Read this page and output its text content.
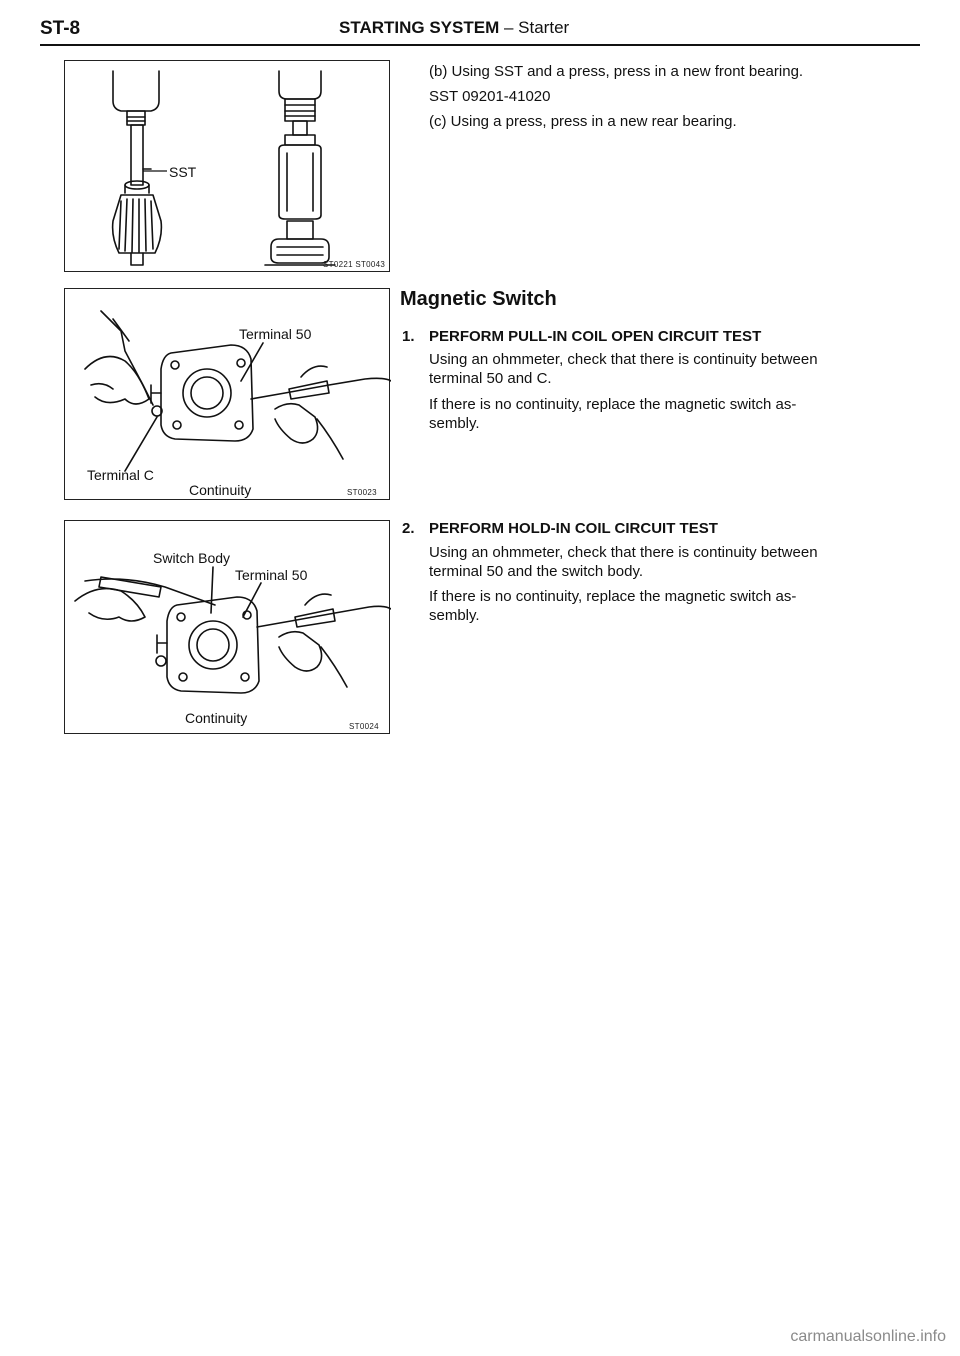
ST-8	STARTING SYSTEM – Starter
SST
ST0221 ST0043
Terminal 50
Terminal C
Continuity	ST0023
Switch Body
Terminal 50
Continuity
ST0024
(b) Using SST and a press, press in a new front bearing.
SST 09201-41020
(c) Using a press, press in a new rear bearing.
Magnetic Switch
1. PERFORM PULL-IN COIL OPEN CIRCUIT TEST
Using an ohmmeter, check that there is continuity between
terminal 50 and C.
If there is no continuity, replace the magnetic switch as-
sembly.
2. PERFORM HOLD-IN COIL CIRCUIT TEST
Using an ohmmeter, check that there is continuity between
terminal 50 and the switch body.
If there is no continuity, replace the magnetic switch as-
sembly.
carmanualsonline.info
